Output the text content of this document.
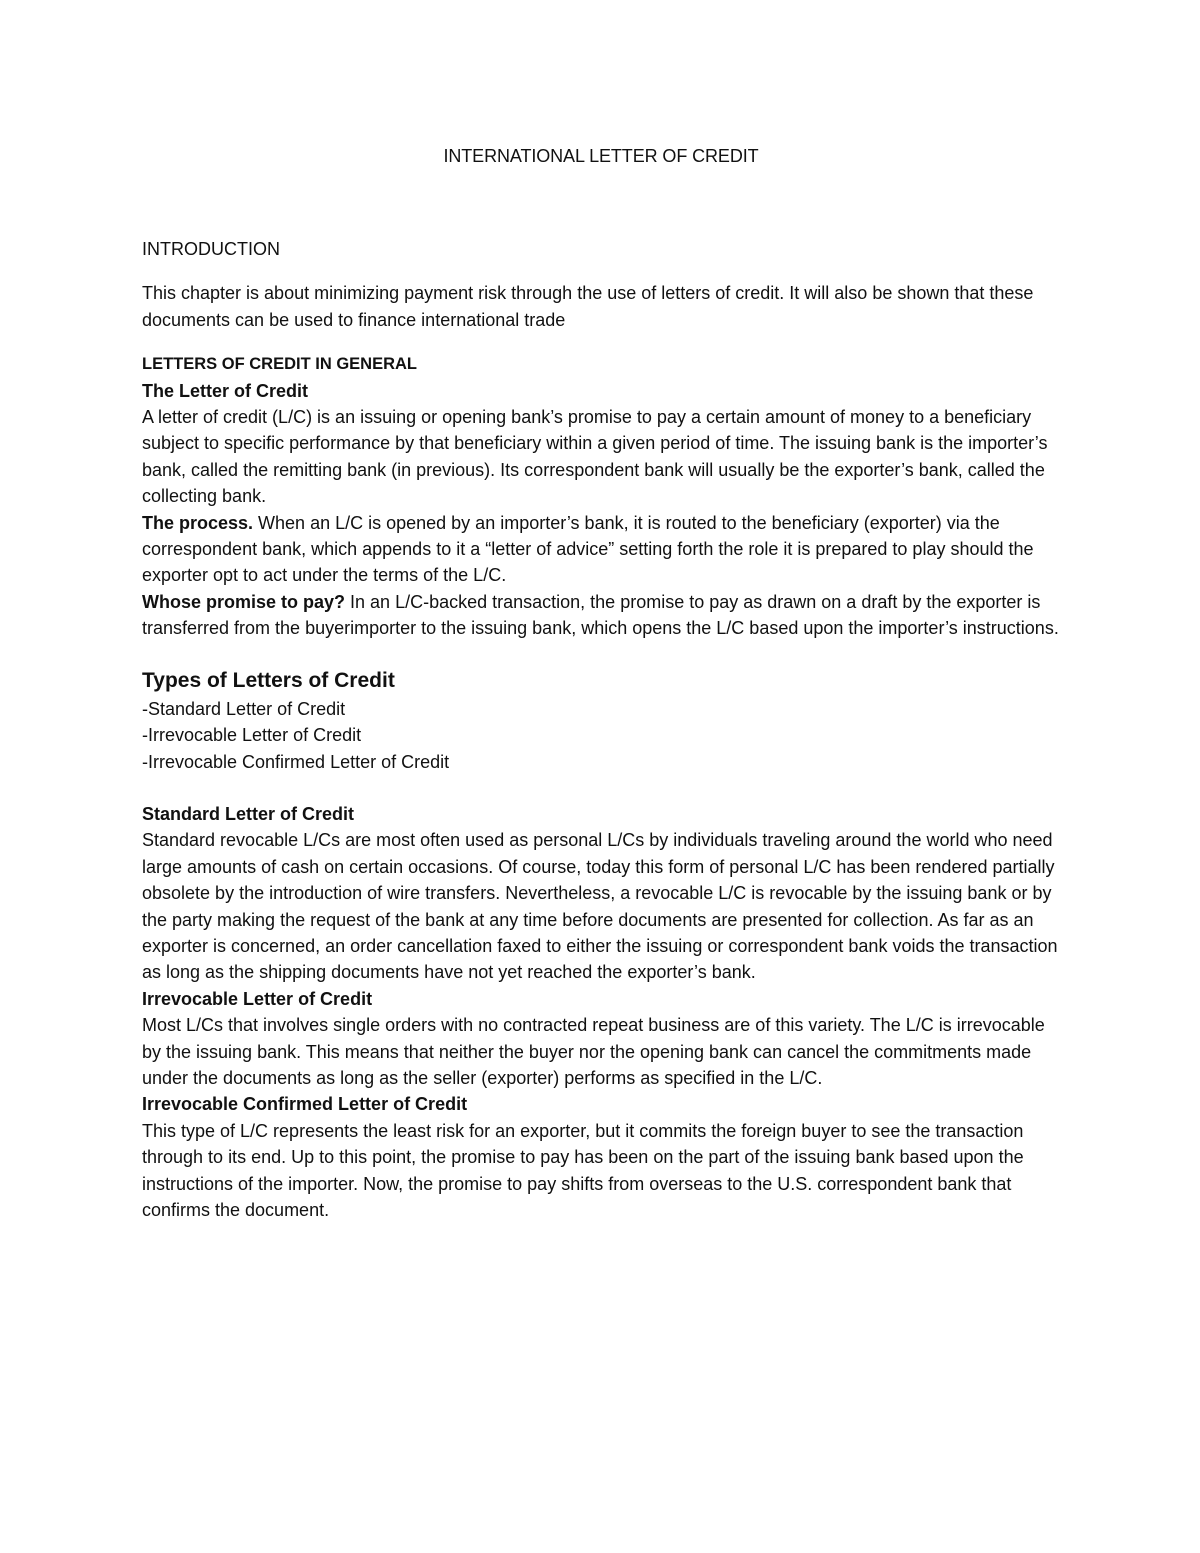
INTERNATIONAL LETTER OF CREDIT
INTRODUCTION

This chapter is about minimizing payment risk through the use of letters of credit. It will also be shown that these documents can be used to finance international trade

LETTERS OF CREDIT IN GENERAL

The Letter of Credit

A letter of credit (L/C) is an issuing or opening bank’s promise to pay a certain amount of money to a beneficiary subject to specific performance by that beneficiary within a given period of time. The issuing bank is the importer’s bank, called the remitting bank (in previous). Its correspondent bank will usually be the exporter’s bank, called the collecting bank.

The process. When an L/C is opened by an importer’s bank, it is routed to the beneficiary (exporter) via the correspondent bank, which appends to it a “letter of advice” setting forth the role it is prepared to play should the exporter opt to act under the terms of the L/C.

Whose promise to pay? In an L/C-backed transaction, the promise to pay as drawn on a draft by the exporter is transferred from the buyerimporter to the issuing bank, which opens the L/C based upon the importer’s instructions.

Types of Letters of Credit

-Standard Letter of Credit

-Irrevocable Letter of Credit

-Irrevocable Confirmed Letter of Credit

Standard Letter of Credit

Standard revocable L/Cs are most often used as personal L/Cs by individuals traveling around the world who need large amounts of cash on certain occasions. Of course, today this form of personal L/C has been rendered partially obsolete by the introduction of wire transfers. Nevertheless, a revocable L/C is revocable by the issuing bank or by the party making the request of the bank at any time before documents are presented for collection. As far as an exporter is concerned, an order cancellation faxed to either the issuing or correspondent bank voids the transaction as long as the shipping documents have not yet reached the exporter’s bank.

Irrevocable Letter of Credit

Most L/Cs that involves single orders with no contracted repeat business are of this variety. The L/C is irrevocable by the issuing bank. This means that neither the buyer nor the opening bank can cancel the commitments made under the documents as long as the seller (exporter) performs as specified in the L/C.

Irrevocable Confirmed Letter of Credit

This type of L/C represents the least risk for an exporter, but it commits the foreign buyer to see the transaction through to its end. Up to this point, the promise to pay has been on the part of the issuing bank based upon the instructions of the importer. Now, the promise to pay shifts from overseas to the U.S. correspondent bank that confirms the document.
